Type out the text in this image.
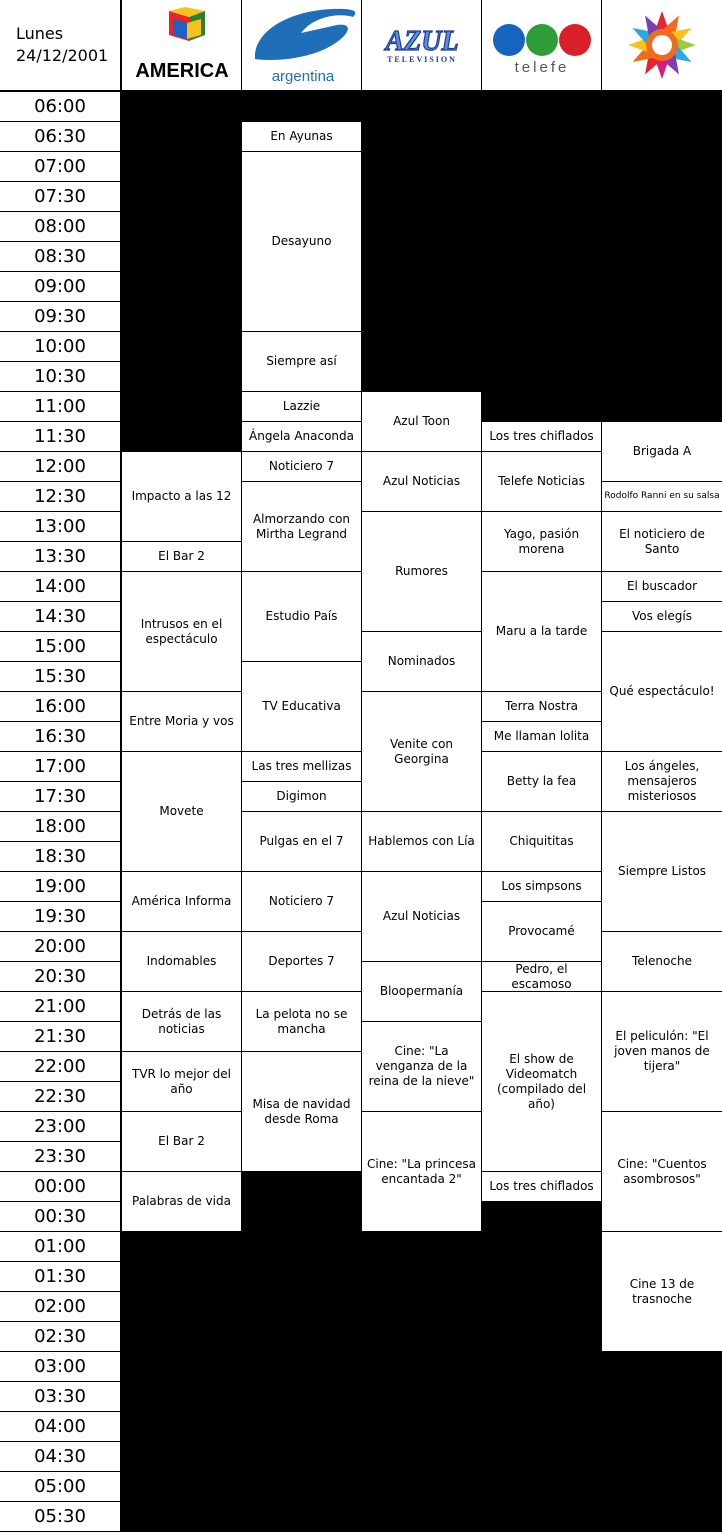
Lunes
24/12/2001
AMERICA	argentina
AZUL
TELEVISION	telefe
06:00
06:30
07:00
07:30
08:00
08:30
09:00
09:30
10:00
10:30
11:00
11:30
12:00
12:30
13:00
13:30
14:00
14:30
15:00
15:30
16:00
16:30
17:00
17:30
18:00
18:30
19:00
19:30
20:00
20:30
21:00
21:30
22:00
22:30
23:00
23:30
00:00
00:30
01:00
01:30
02:00
02:30
03:00
03:30
04:00
04:30
05:00
05:30
Impacto a las 12
El Bar 2
Intrusos en el espectáculo
Entre Moria y vos
Movete
América Informa
Indomables
Detrás de las noticias
TVR lo mejor del año
El Bar 2
Palabras de vida
En Ayunas
Desayuno
Siempre así
Lazzie
Ángela Anaconda
Noticiero 7
Almorzando con Mirtha Legrand
Estudio País
TV Educativa
Las tres mellizas
Digimon
Pulgas en el 7
Noticiero 7
Deportes 7
La pelota no se mancha
Misa de navidad desde Roma
Azul Toon
Azul Noticias
Rumores
Nominados
Venite con Georgina
Hablemos con Lía
Azul Noticias
Bloopermanía
Cine: "La venganza de la reina de la nieve"
Cine: "La princesa encantada 2"
Los tres chiflados
Telefe Noticias
Yago, pasión morena
Maru a la tarde
Terra Nostra
Me llaman lolita
Betty la fea
Chiquititas
Los simpsons
Provocamé
Pedro, el escamoso
El show de Videomatch (compilado del año)
Los tres chiflados
Brigada A
Rodolfo Ranni en su salsa
El noticiero de Santo
El buscador
Vos elegís
Qué espectáculo!
Los ángeles, mensajeros misteriosos
Siempre Listos
Telenoche
El peliculón: "El joven manos de tijera"
Cine: "Cuentos asombrosos"
Cine 13 de trasnoche
